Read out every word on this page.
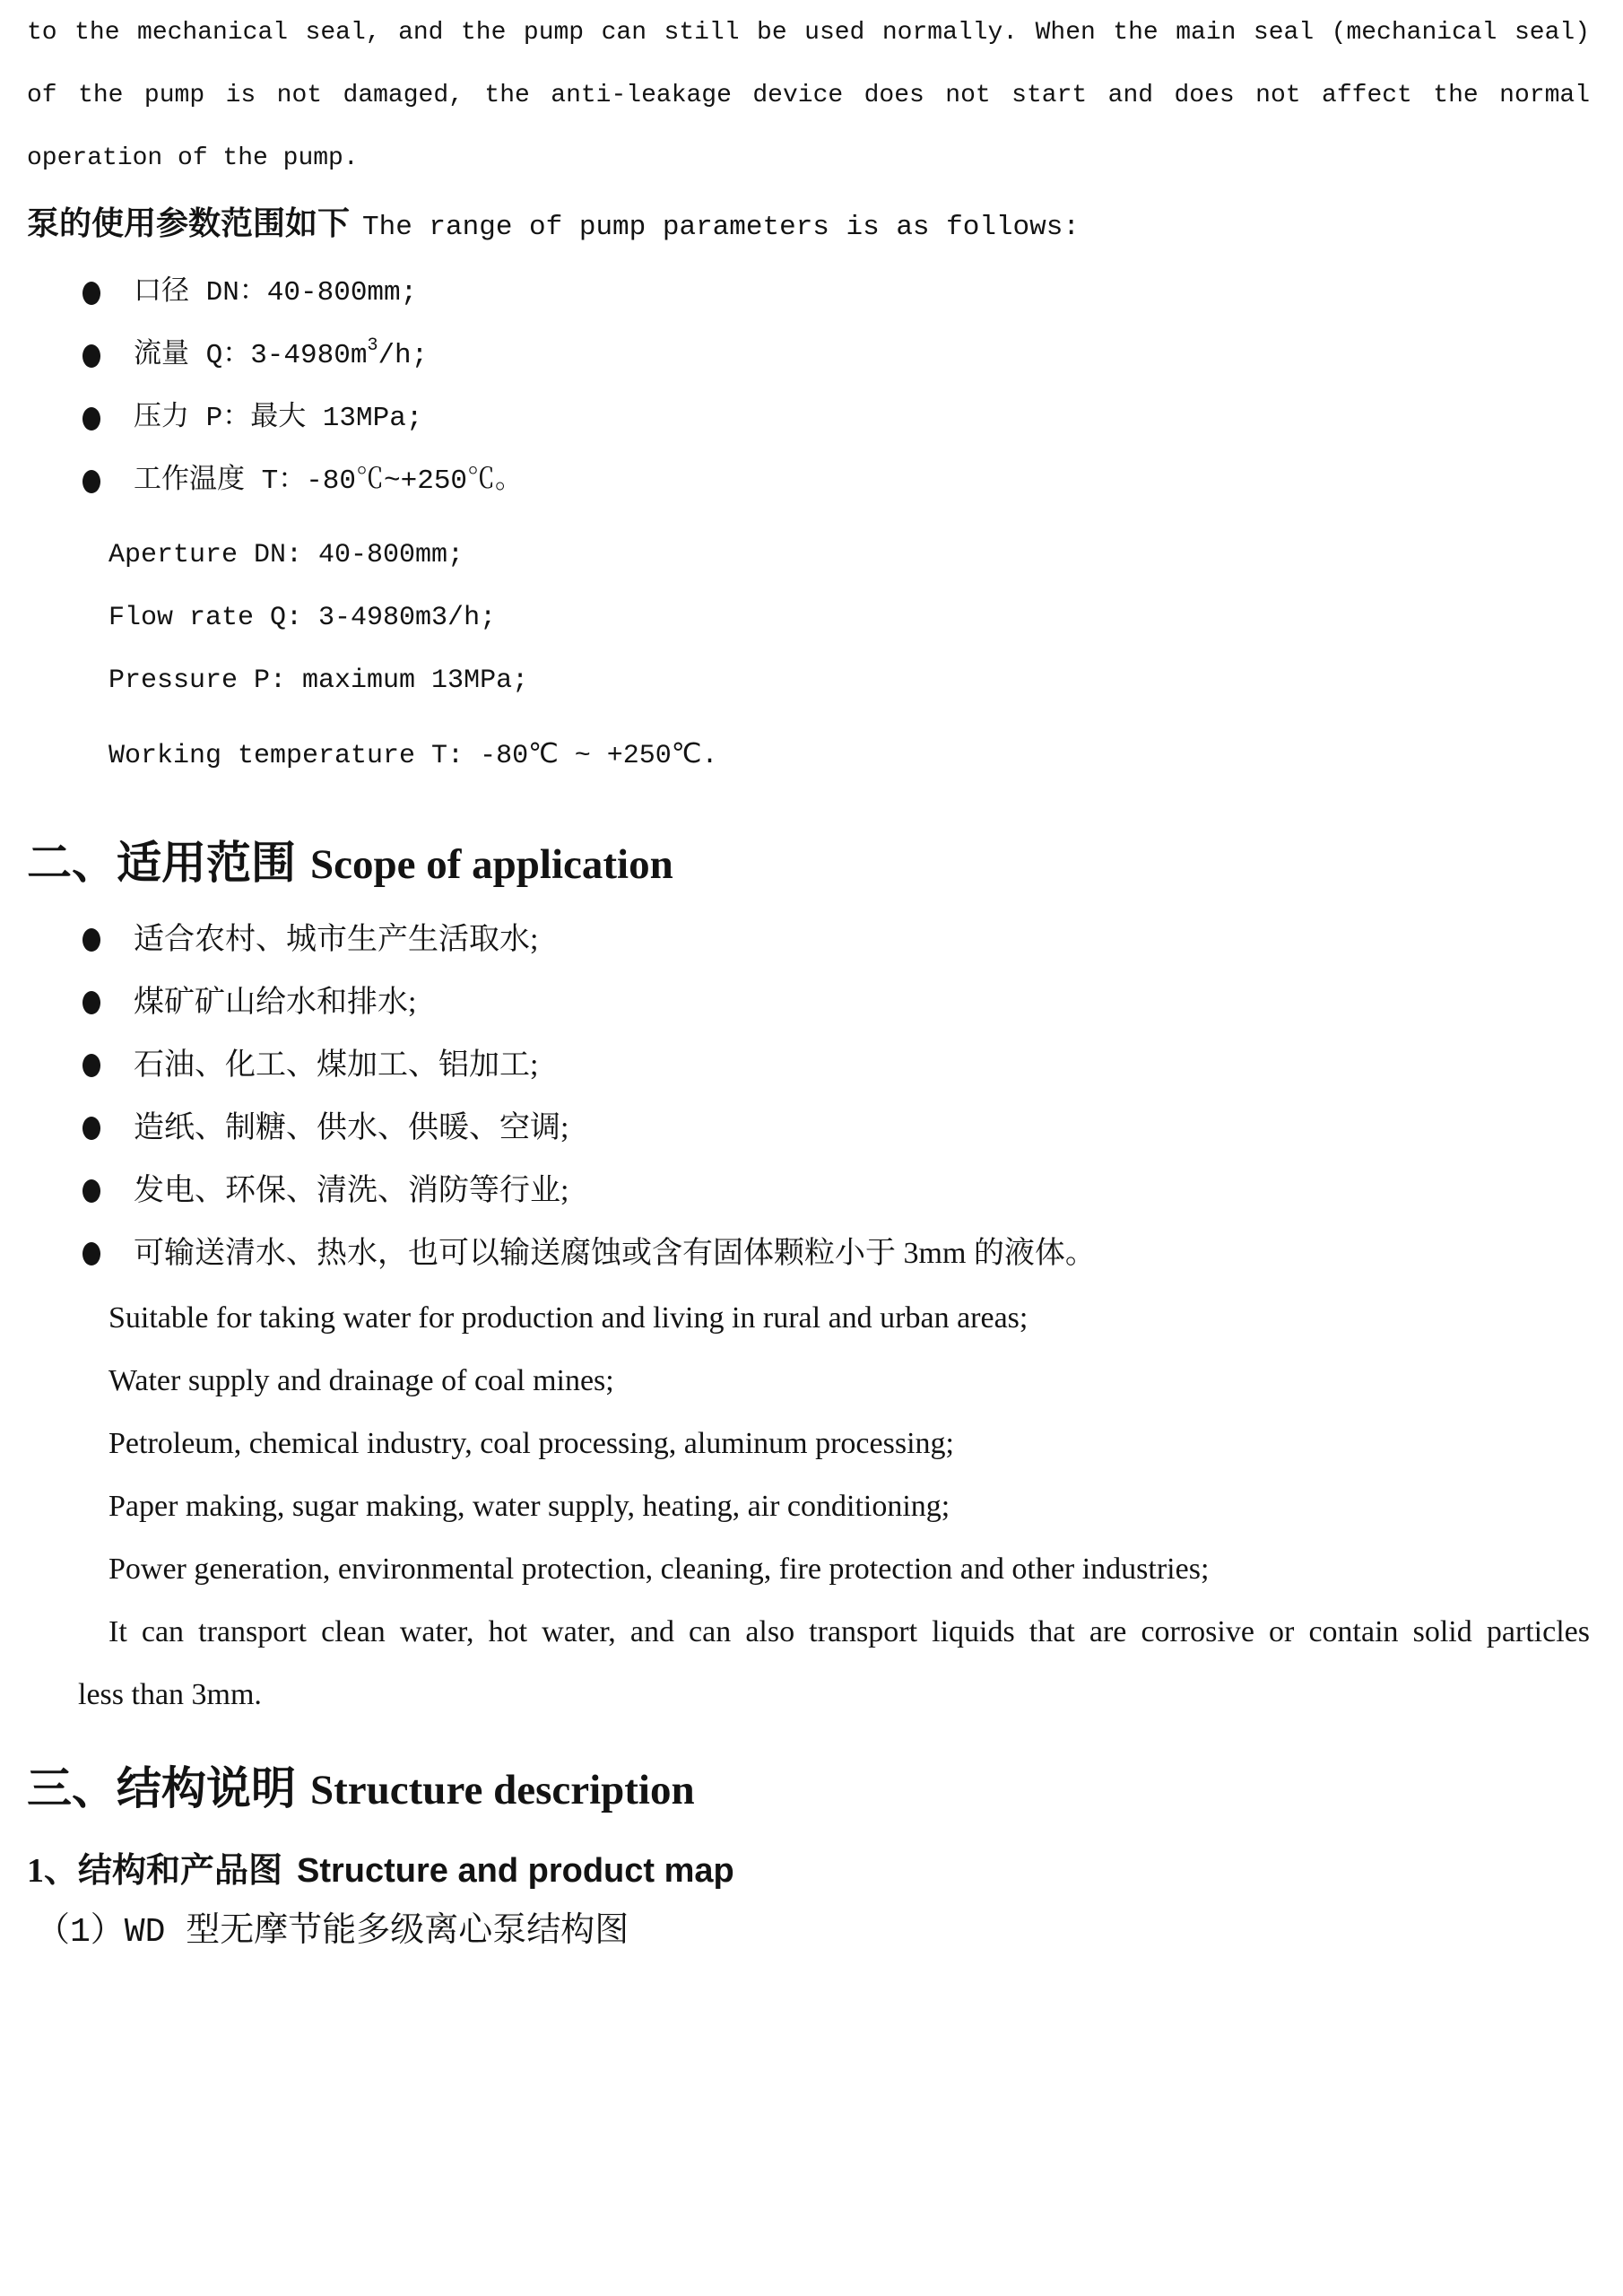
to the mechanical seal, and the pump can still be used normally. When the main seal (mechanical seal)
of the pump is not damaged, the anti-leakage device does not start and does not affect the normal
operation of the pump.
泵的使用参数范围如下 The range of pump parameters is as follows:
口径 DN：40-800mm;
流量 Q：$3-4980m^3/h$;
压力 P：最大 13MPa;
工作温度 T：-80℃~+250℃。
Aperture DN: 40-800mm;
Flow rate Q: 3-4980m3/h;
Pressure P: maximum 13MPa;
Working temperature T: -80℃ ~ +250℃.
二、适用范围 Scope of application
适合农村、城市生产生活取水;
煤矿矿山给水和排水;
石油、化工、煤加工、铝加工;
造纸、制糖、供水、供暖、空调;
发电、环保、清洗、消防等行业;
可输送清水、热水，也可以输送腐蚀或含有固体颗粒小于 3mm 的液体。
Suitable for taking water for production and living in rural and urban areas;
Water supply and drainage of coal mines;
Petroleum, chemical industry, coal processing, aluminum processing;
Paper making, sugar making, water supply, heating, air conditioning;
Power generation, environmental protection, cleaning, fire protection and other industries;
It can transport clean water, hot water, and can also transport liquids that are corrosive or contain solid particles
less than 3mm.
三、结构说明 Structure description
1、结构和产品图 Structure and product map
（1）WD 型无摩节能多级离心泵结构图
